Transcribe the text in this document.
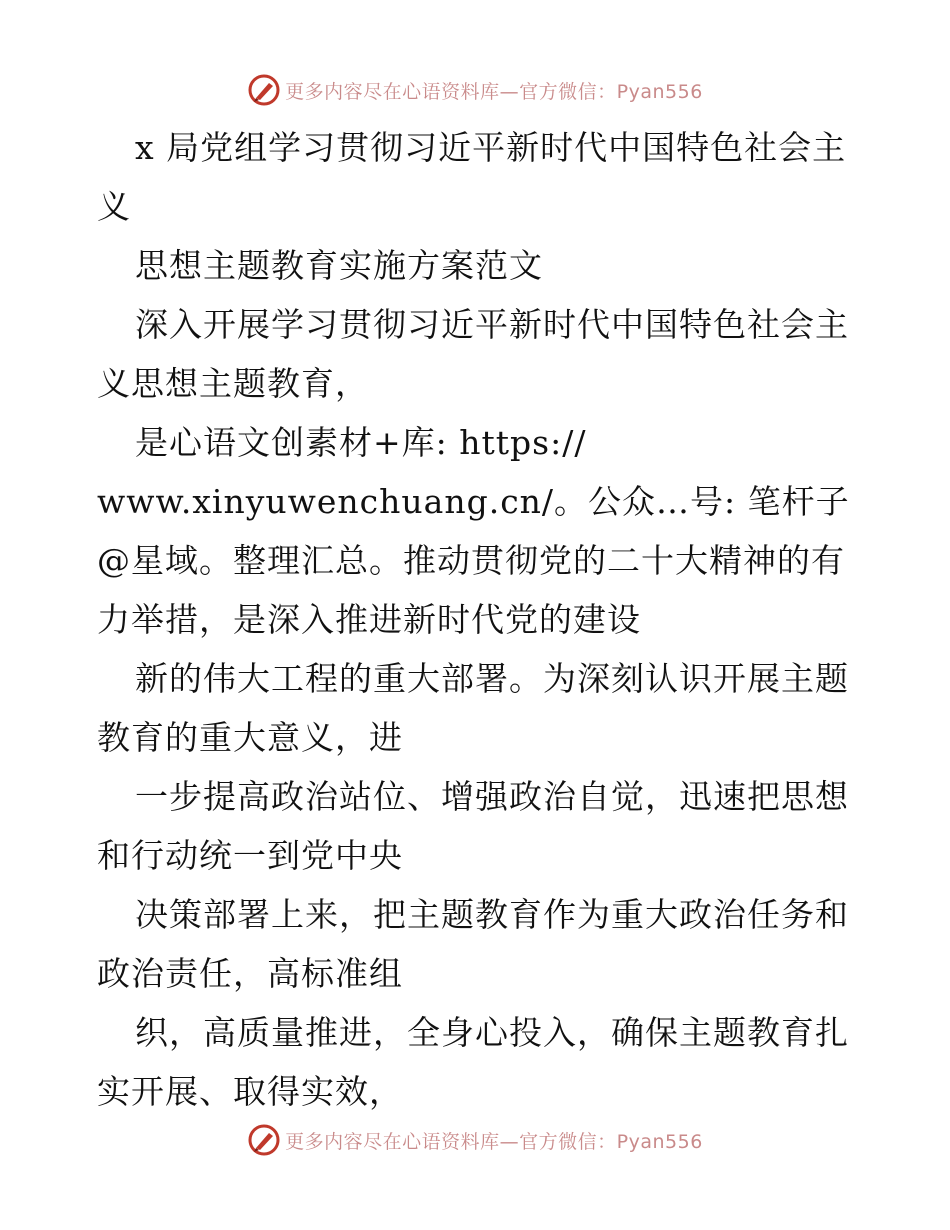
更多内容尽在心语资料库—官方微信：Pyan556

x 局党组学习贯彻习近平新时代中国特色社会主义

思想主题教育实施方案范文

深入开展学习贯彻习近平新时代中国特色社会主义思想主题教育，

是心语文创素材+库: https://

www.xinyuwenchuang.cn/。公众…号: 笔杆子@星域。整理汇总。推动贯彻党的二十大精神的有力举措，是深入推进新时代党的建设

新的伟大工程的重大部署。为深刻认识开展主题教育的重大意义，进

一步提高政治站位、增强政治自觉，迅速把思想和行动统一到党中央

决策部署上来，把主题教育作为重大政治任务和政治责任，高标准组

织，高质量推进，全身心投入，确保主题教育扎实开展、取得实效，

更多内容尽在心语资料库—官方微信：Pyan556
